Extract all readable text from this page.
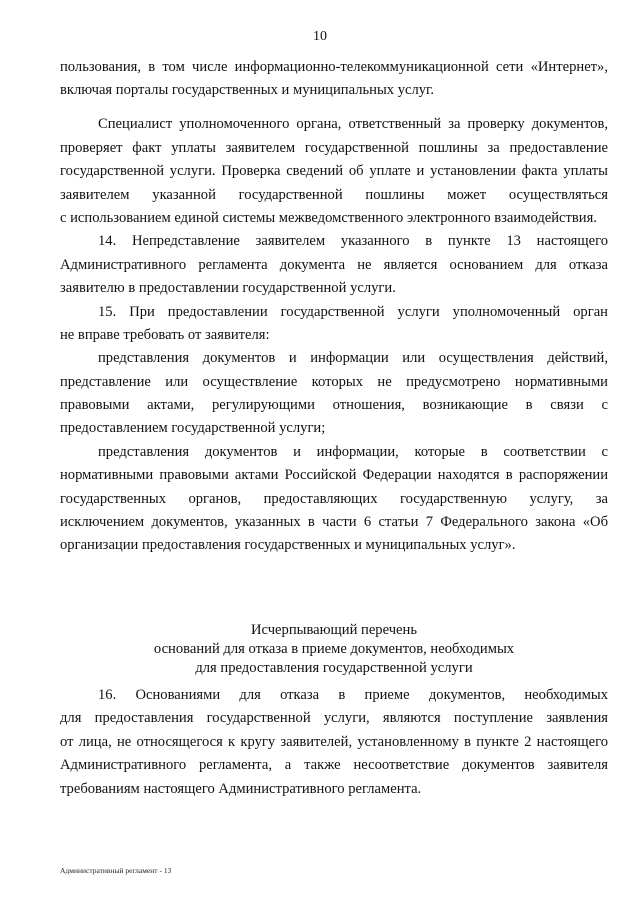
10
пользования, в том числе информационно-телекоммуникационной сети «Интернет»,
включая порталы государственных и муниципальных услуг.
Специалист уполномоченного органа, ответственный за проверку документов,
проверяет факт уплаты заявителем государственной пошлины за предоставление
государственной услуги. Проверка сведений об уплате и установлении факта уплаты
заявителем указанной государственной пошлины может осуществляться
с использованием единой системы межведомственного электронного взаимодействия.
14. Непредставление заявителем указанного в пункте 13 настоящего
Административного регламента документа не является основанием для отказа
заявителю в предоставлении государственной услуги.
15. При предоставлении государственной услуги уполномоченный орган
не вправе требовать от заявителя:
представления документов и информации или осуществления действий,
представление или осуществление которых не предусмотрено нормативными
правовыми актами, регулирующими отношения, возникающие в связи с
предоставлением государственной услуги;
представления документов и информации, которые в соответствии с
нормативными правовыми актами Российской Федерации находятся в распоряжении
государственных органов, предоставляющих государственную услугу, за
исключением документов, указанных в части 6 статьи 7 Федерального закона «Об
организации предоставления государственных и муниципальных услуг».
Исчерпывающий перечень
оснований для отказа в приеме документов, необходимых
для предоставления государственной услуги
16. Основаниями для отказа в приеме документов, необходимых
для предоставления государственной услуги, являются поступление заявления
от лица, не относящегося к кругу заявителей, установленному в пункте 2 настоящего
Административного регламента, а также несоответствие документов заявителя
требованиям настоящего Административного регламента.
Административный регламент - 13
